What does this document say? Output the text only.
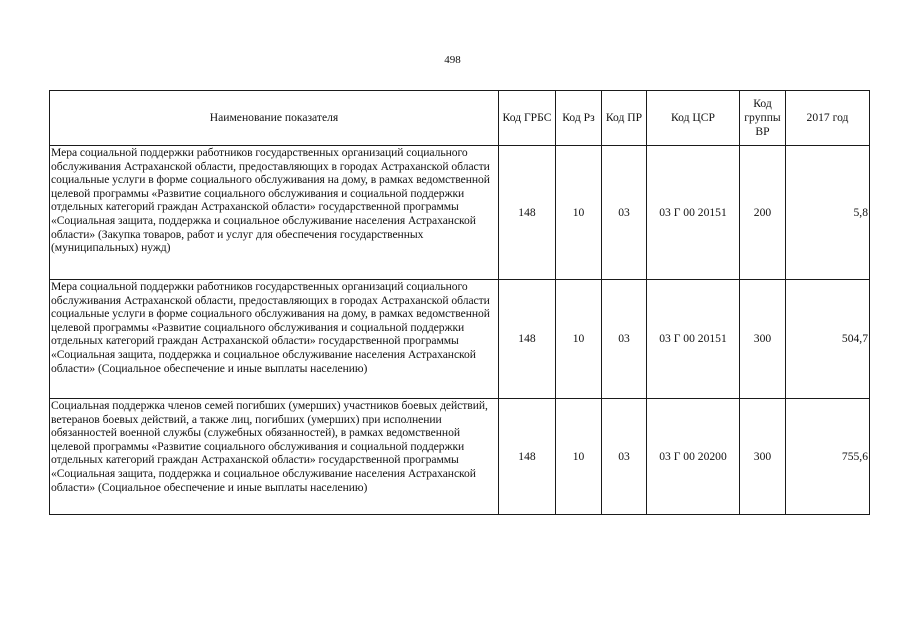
498
Наименование показателя	Код ГРБС	Код Рз	Код ПР	Код ЦСР	Код группы ВР	2017 год
Мера социальной поддержки работников государственных организаций социального обслуживания Астраханской области, предоставляющих в городах Астраханской области социальные услуги в форме социального обслуживания на дому, в рамках ведомственной целевой программы «Развитие социального обслуживания и социальной поддержки отдельных категорий граждан Астраханской области» государственной программы «Социальная защита, поддержка и социальное обслуживание населения Астраханской области» (Закупка товаров, работ и услуг для обеспечения государственных (муниципальных) нужд)	148	10	03	03 Г 00 20151	200	5,8
Мера социальной поддержки работников государственных организаций социального обслуживания Астраханской области, предоставляющих в городах Астраханской области социальные услуги в форме социального обслуживания на дому, в рамках ведомственной целевой программы «Развитие социального обслуживания и социальной поддержки отдельных категорий граждан Астраханской области» государственной программы «Социальная защита, поддержка и социальное обслуживание населения Астраханской области» (Социальное обеспечение и иные выплаты населению)	148	10	03	03 Г 00 20151	300	504,7
Социальная поддержка членов семей погибших (умерших) участников боевых действий, ветеранов боевых действий, а также лиц, погибших (умерших) при исполнении обязанностей военной службы (служебных обязанностей), в рамках ведомственной целевой программы «Развитие социального обслуживания и социальной поддержки отдельных категорий граждан Астраханской области» государственной программы «Социальная защита, поддержка и социальное обслуживание населения Астраханской области» (Социальное обеспечение и иные выплаты населению)	148	10	03	03 Г 00 20200	300	755,6
